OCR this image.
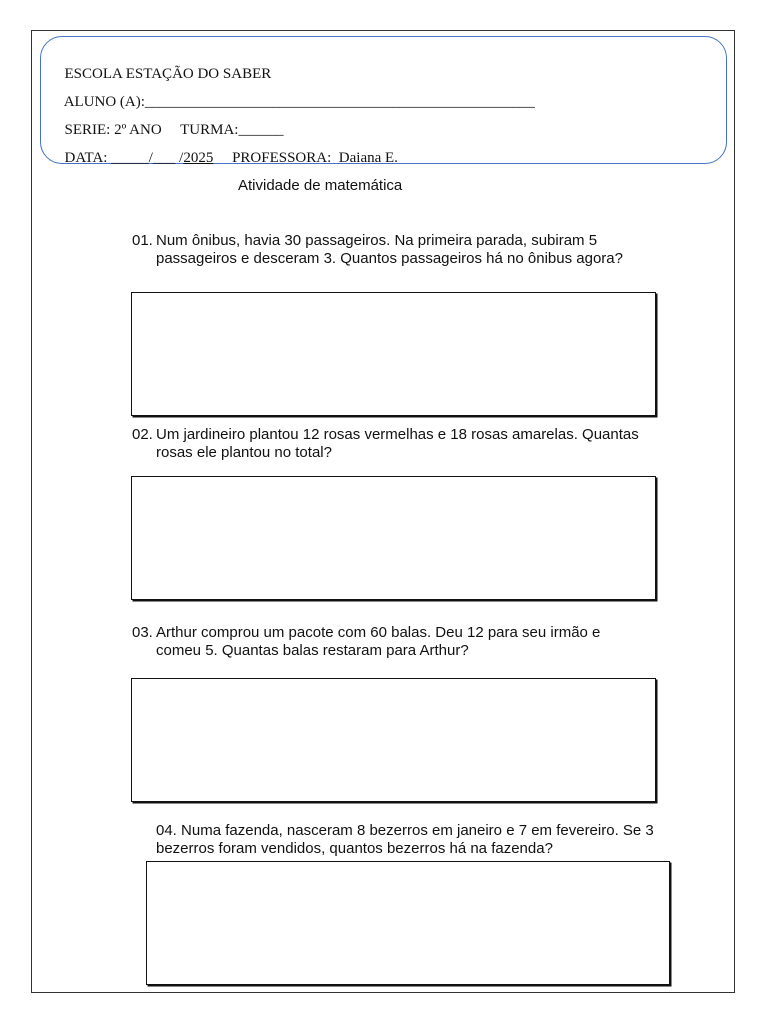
ESCOLA ESTAÇÃO DO SABER

ALUNO (A):____________________________________________________

SERIE: 2º ANO TURMA:______

DATA: _____/___ /2025 PROFESSORA: Daiana E.

Atividade de matemática
01. Num ônibus, havia 30 passageiros. Na primeira parada, subiram 5 passageiros e desceram 3. Quantos passageiros há no ônibus agora?
02. Um jardineiro plantou 12 rosas vermelhas e 18 rosas amarelas. Quantas rosas ele plantou no total?
03. Arthur comprou um pacote com 60 balas. Deu 12 para seu irmão e comeu 5. Quantas balas restaram para Arthur?
04. Numa fazenda, nasceram 8 bezerros em janeiro e 7 em fevereiro. Se 3 bezerros foram vendidos, quantos bezerros há na fazenda?
